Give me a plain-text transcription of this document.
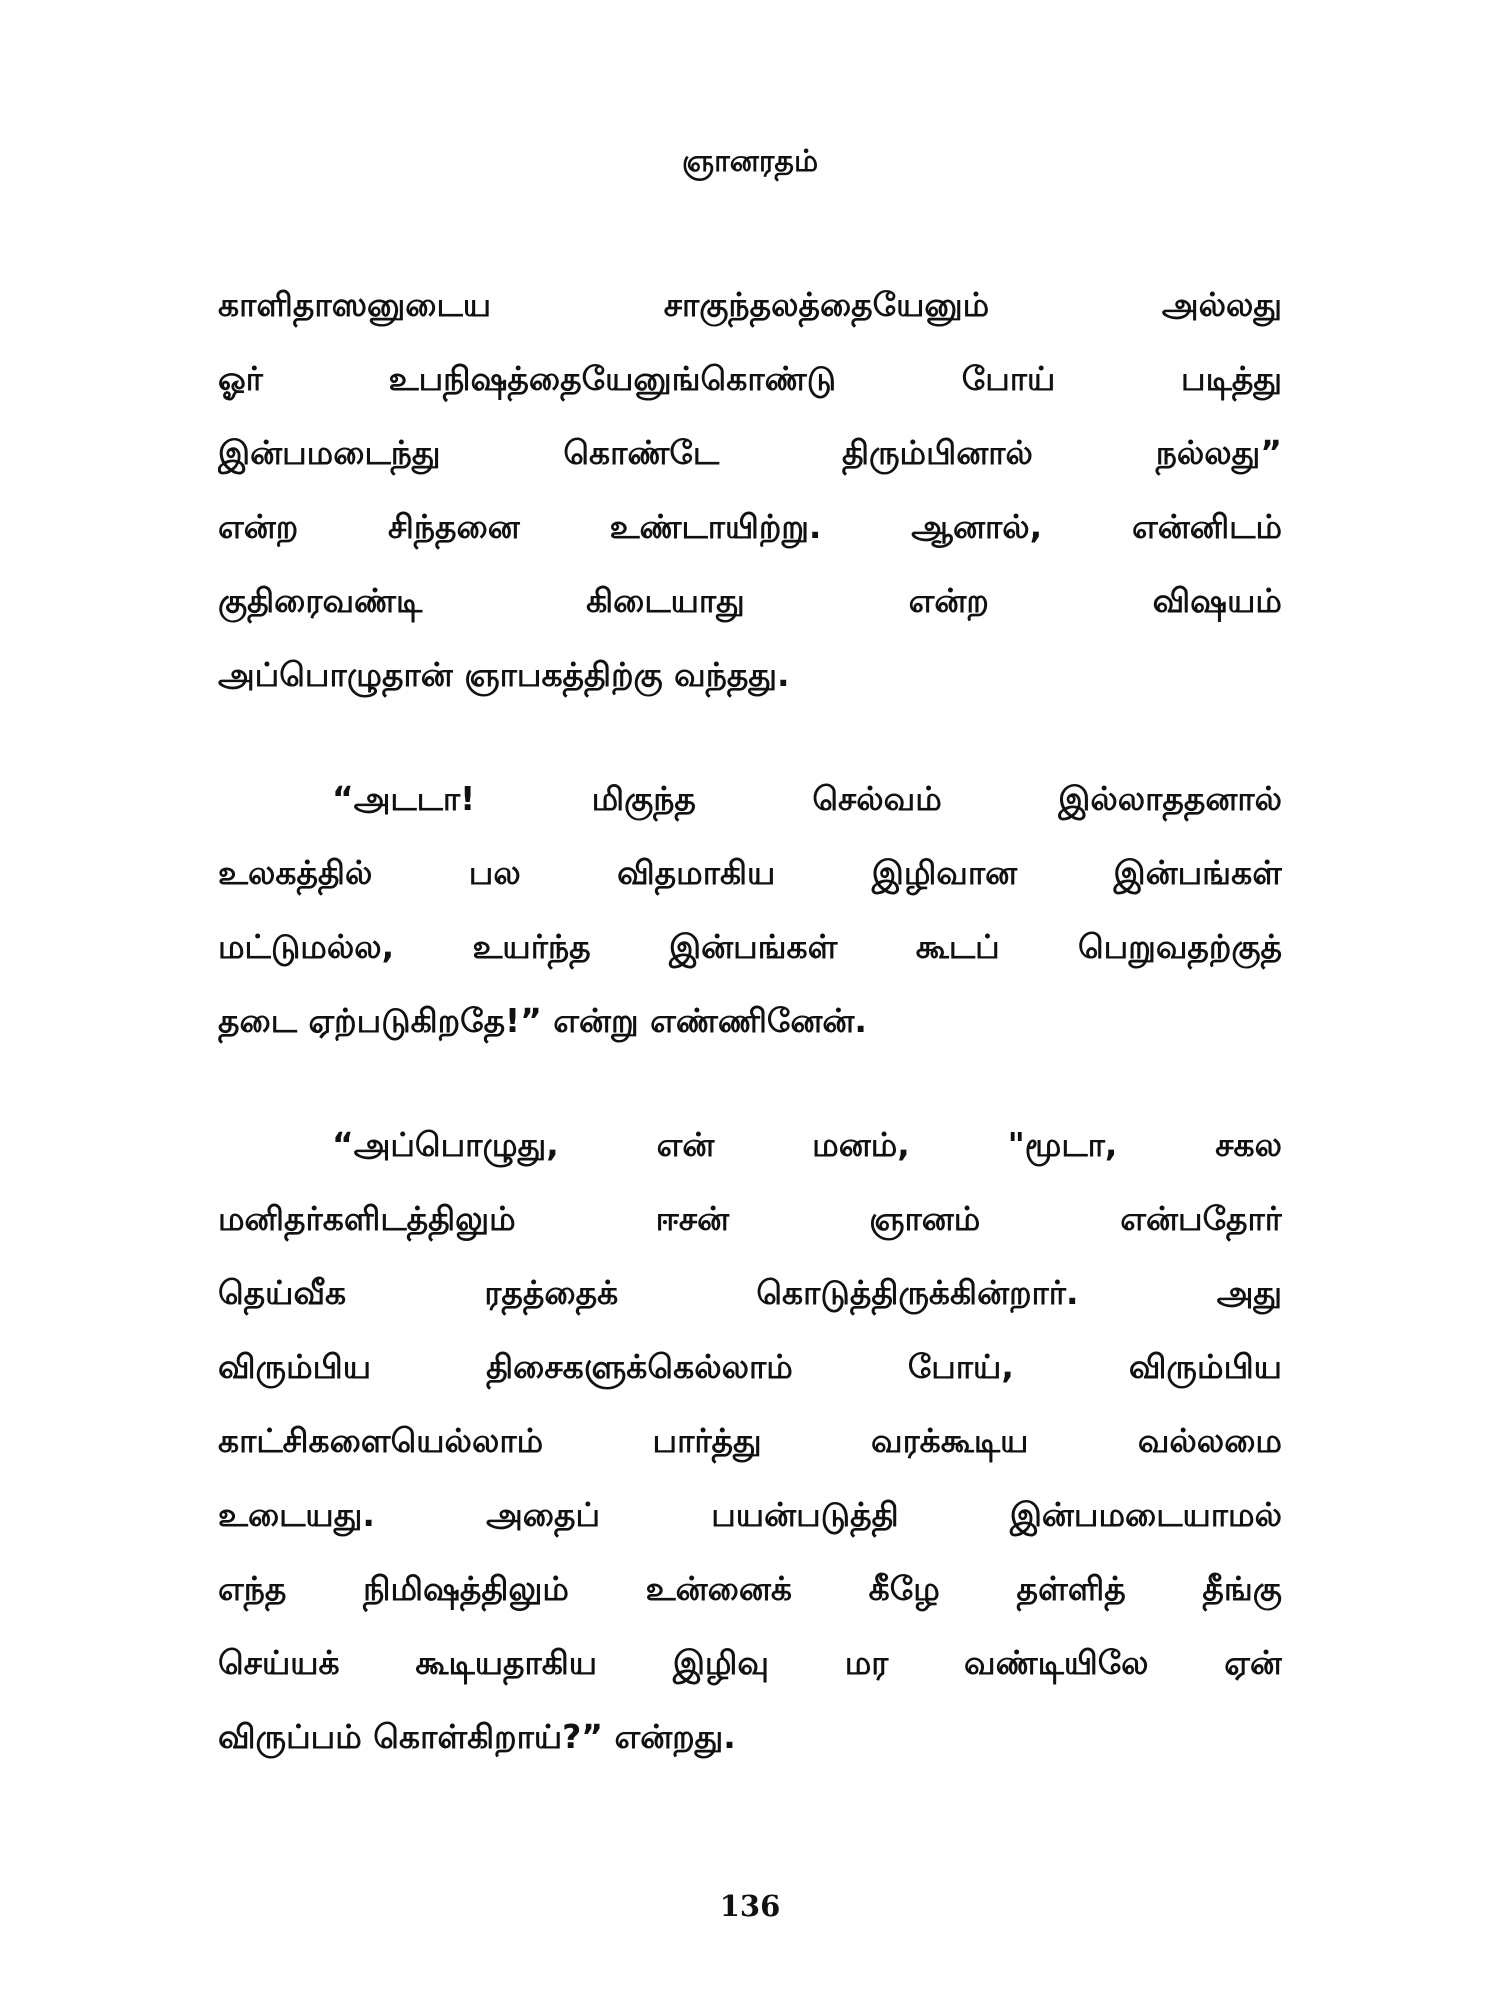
ஞானரதம்
காளிதாஸனுடைய	சாகுந்தலத்தையேனும்	அல்லது
ஓர்	உபநிஷத்தையேனுங்கொண்டு	போய்	படித்து
இன்பமடைந்து	கொண்டே	திரும்பினால்	நல்லது”
என்ற	சிந்தனை	உண்டாயிற்று.	ஆனால்,	என்னிடம்
குதிரைவண்டி	கிடையாது	என்ற	விஷயம்
அப்பொழுதான் ஞாபகத்திற்கு வந்தது.
“அடடா!	மிகுந்த	செல்வம்	இல்லாததனால்
உலகத்தில்	பல	விதமாகிய	இழிவான	இன்பங்கள்
மட்டுமல்ல, உயர்ந்த இன்பங்கள் கூடப் பெறுவதற்குத்
தடை ஏற்படுகிறதே!” என்று எண்ணினேன்.
“அப்பொழுது,	என்	மனம்,	"மூடா,	சகல
மனிதர்களிடத்திலும்	ஈசன்	ஞானம்	என்பதோர்
தெய்வீக	ரதத்தைக்	கொடுத்திருக்கின்றார்.	அது
விரும்பிய	திசைகளுக்கெல்லாம்	போய்,	விரும்பிய
காட்சிகளையெல்லாம்	பார்த்து	வரக்கூடிய	வல்லமை
உடையது.	அதைப்	பயன்படுத்தி	இன்பமடையாமல்
எந்த நிமிஷத்திலும் உன்னைக் கீழே தள்ளித் தீங்கு
செய்யக் கூடியதாகிய இழிவு மர வண்டியிலே ஏன்
விருப்பம் கொள்கிறாய்?” என்றது.
136
